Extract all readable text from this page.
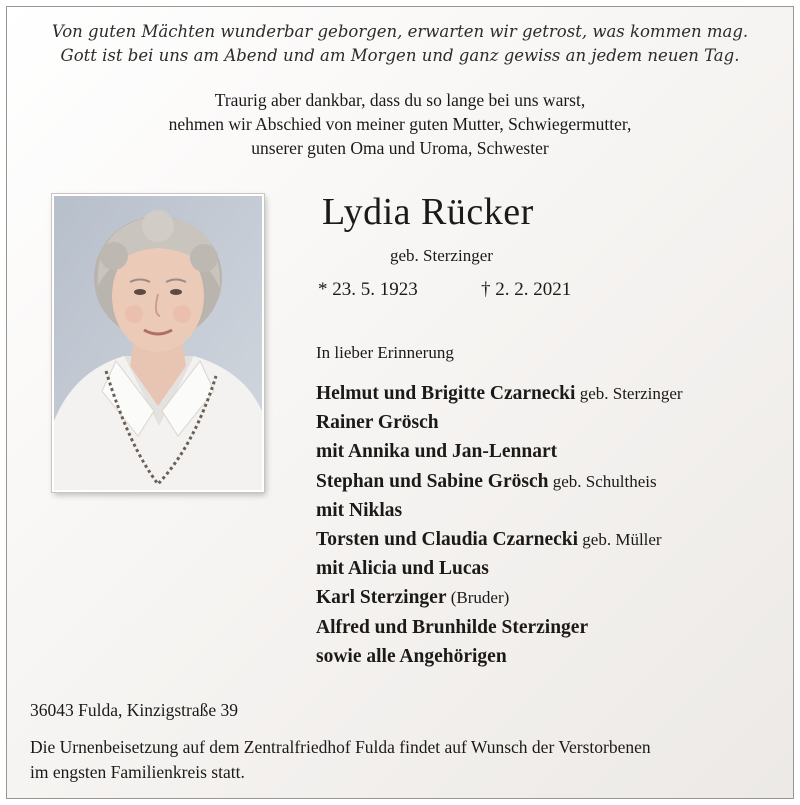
Von guten Mächten wunderbar geborgen, erwarten wir getrost, was kommen mag.
Gott ist bei uns am Abend und am Morgen und ganz gewiss an jedem neuen Tag.
Traurig aber dankbar, dass du so lange bei uns warst,
nehmen wir Abschied von meiner guten Mutter, Schwiegermutter,
unserer guten Oma und Uroma, Schwester
Lydia Rücker
geb. Sterzinger
* 23. 5. 1923	† 2. 2. 2021
In lieber Erinnerung
Helmut und Brigitte Czarnecki geb. Sterzinger
Rainer Grösch
mit Annika und Jan-Lennart
Stephan und Sabine Grösch geb. Schultheis
mit Niklas
Torsten und Claudia Czarnecki geb. Müller
mit Alicia und Lucas
Karl Sterzinger (Bruder)
Alfred und Brunhilde Sterzinger
sowie alle Angehörigen
36043 Fulda, Kinzigstraße 39
Die Urnenbeisetzung auf dem Zentralfriedhof Fulda findet auf Wunsch der Verstorbenen
im engsten Familienkreis statt.
